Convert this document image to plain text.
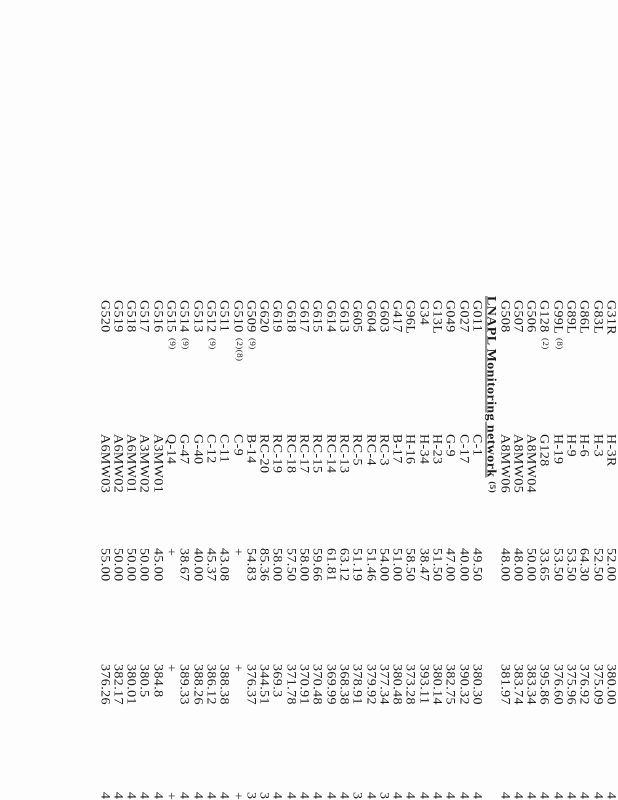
G31R
H-3R
52.00
380.00
4
G83L
H-3
52.50
375.09
4
G86L
H-6
64.30
376.92
4
G89L
H-9
53.50
375.96
4
G99L
(8)
H-19
53.50
376.60
4
G128
(2)
G128
33.65
395.86
4
G506
A8MW04
50.00
383.34
4
G507
A8MW05
48.00
383.74
4
G508
A8MW06
48.00
381.97
4
LNAPL Monitoring network $^{(5)}$
G011
C-1
49.50
380.30
4
G027
C-17
40.00
390.32
4
G049
G-9
47.00
382.75
4
G13L
H-23
51.50
380.14
4
G34
H-34
38.47
393.11
4
G96L
H-16
58.50
373.28
4
G417
B-17
51.00
380.48
4
G603
RC-3
54.00
377.34
3
G604
RC-4
51.46
379.92
4
G605
RC-5
51.19
378.91
3
G613
RC-13
63.12
368.38
4
G614
RC-14
61.81
369.99
4
G615
RC-15
59.66
370.48
4
G617
RC-17
58.00
370.91
4
G618
RC-18
57.50
371.78
4
G619
RC-19
58.00
369.3
4
G620
RC-20
85.36
344.51
3
G509
(9)
B-14
54.83
376.37
3
G510
(2)(8)
C-9
+
+
+
G511
C-11
43.08
388.38
4
G512
(9)
C-12
45.37
386.12
4
G513
G-40
40.00
388.26
4
G514
(9)
G-47
38.67
389.33
4
G515
(9)
Q-14
+
+
+
G516
A3MW01
45.00
384.8
4
G517
A3MW02
50.00
380.5
4
G518
A6MW01
50.00
380.01
4
G519
A6MW02
50.00
382.17
4
G520
A6MW03
55.00
376.26
4
